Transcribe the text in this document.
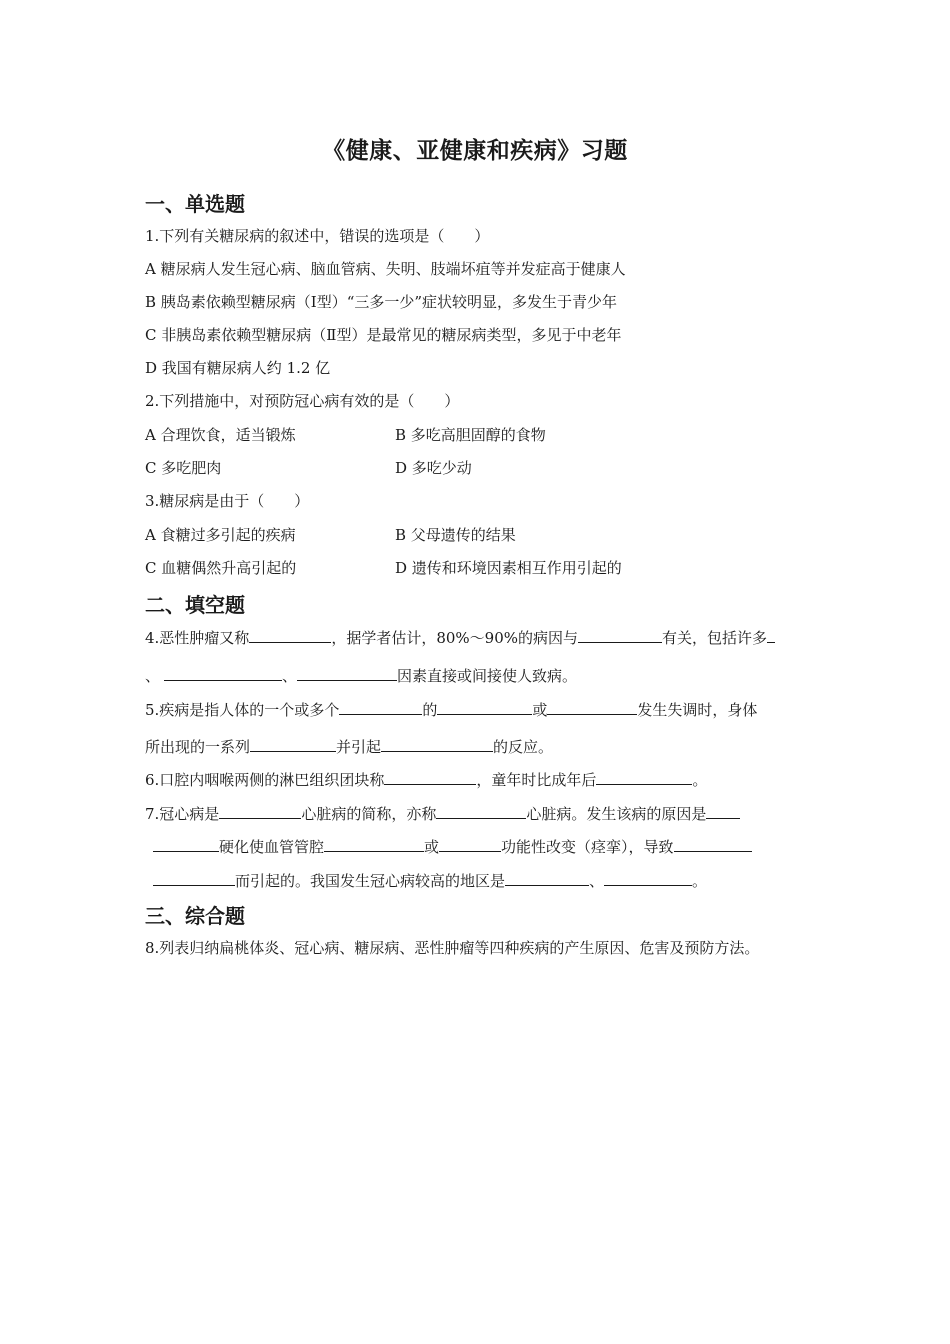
《健康、亚健康和疾病》习题
一、单选题
1.下列有关糖尿病的叙述中，错误的选项是（　　）
A 糖尿病人发生冠心病、脑血管病、失明、肢端坏疽等并发症高于健康人
B 胰岛素依赖型糖尿病（Ⅰ型）“三多一少”症状较明显，多发生于青少年
C 非胰岛素依赖型糖尿病（Ⅱ型）是最常见的糖尿病类型，多见于中老年
D 我国有糖尿病人约 1.2 亿
2.下列措施中，对预防冠心病有效的是（　　）
A 合理饮食，适当锻炼	B 多吃高胆固醇的食物
C 多吃肥肉	D 多吃少动
3.糖尿病是由于（　　）
A 食糖过多引起的疾病	B 父母遗传的结果
C 血糖偶然升高引起的	D 遗传和环境因素相互作用引起的
二、填空题
4.恶性肿瘤又称	，据学者估计，80%～90%的病因与	有关，包括许多
、	、	因素直接或间接使人致病。
5.疾病是指人体的一个或多个	的	或	发生失调时，身体
所出现的一系列	并引起	的反应。
6.口腔内咽喉两侧的淋巴组织团块称	，童年时比成年后	。
7.冠心病是	心脏病的简称，亦称	心脏病。发生该病的原因是
硬化使血管管腔	或	功能性改变（痉挛），导致
而引起的。我国发生冠心病较高的地区是	、	。
三、综合题
8.列表归纳扁桃体炎、冠心病、糖尿病、恶性肿瘤等四种疾病的产生原因、危害及预防方法。
